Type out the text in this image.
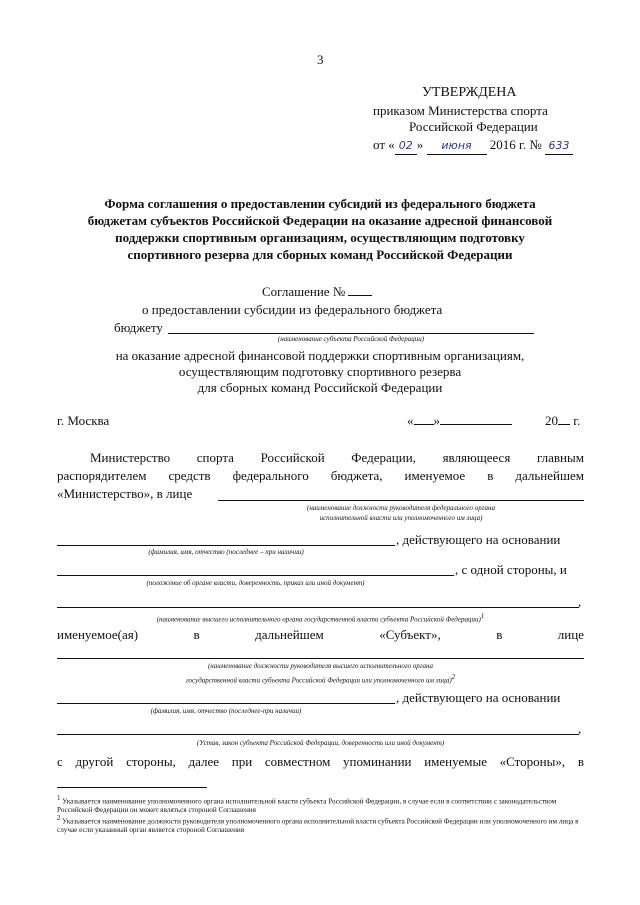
3
УТВЕРЖДЕНА
приказом Министерства спорта
Российской Федерации
от « 02 » июня 2016 г. № 633
Форма соглашения о предоставлении субсидий из федерального бюджета
бюджетам субъектов Российской Федерации на оказание адресной финансовой
поддержки спортивным организациям, осуществляющим подготовку
спортивного резерва для сборных команд Российской Федерации
Соглашение №
о предоставлении субсидии из федерального бюджета
бюджету
(наименование субъекта Российской Федерации)
на оказание адресной финансовой поддержки спортивным организациям,
осуществляющим подготовку спортивного резерва
для сборных команд Российской Федерации
г. Москва	« »	20 г.
Министерство спорта Российской Федерации, являющееся главным
распорядителем средств федерального бюджета, именуемое в дальнейшем
«Министерство», в лице
(наименование должности руководителя федерального органа
исполнительной власти или уполномоченного им лица)
, действующего на основании
(фамилия, имя, отчество (последнее – при наличии)
, с одной стороны, и
(положение об органе власти, доверенность, приказ или иной документ)
,
(наименование высшего исполнительного органа государственной власти субъекта Российской Федерации)1
именуемое(ая)	в	дальнейшем	«Субъект»,	в	лице
(наименование должности руководителя высшего исполнительного органа
государственной власти субъекта Российской Федерации или уполномоченного им лица)2
, действующего на основании
(фамилия, имя, отчество (последнее-при наличии)
,
(Устав, закон субъекта Российской Федерации, доверенность или иной документ)
с другой стороны, далее при совместном упоминании именуемые «Стороны», в
1 Указывается наименование уполномоченного органа исполнительной власти субъекта Российской Федерации, в случае если в соответствии с законодательством Российской Федерации он может являться стороной Соглашения
2 Указывается наименование должности руководителя уполномоченного органа исполнительной власти субъекта Российской Федерации или уполномоченного им лица в случае если указанный орган является стороной Соглашения
